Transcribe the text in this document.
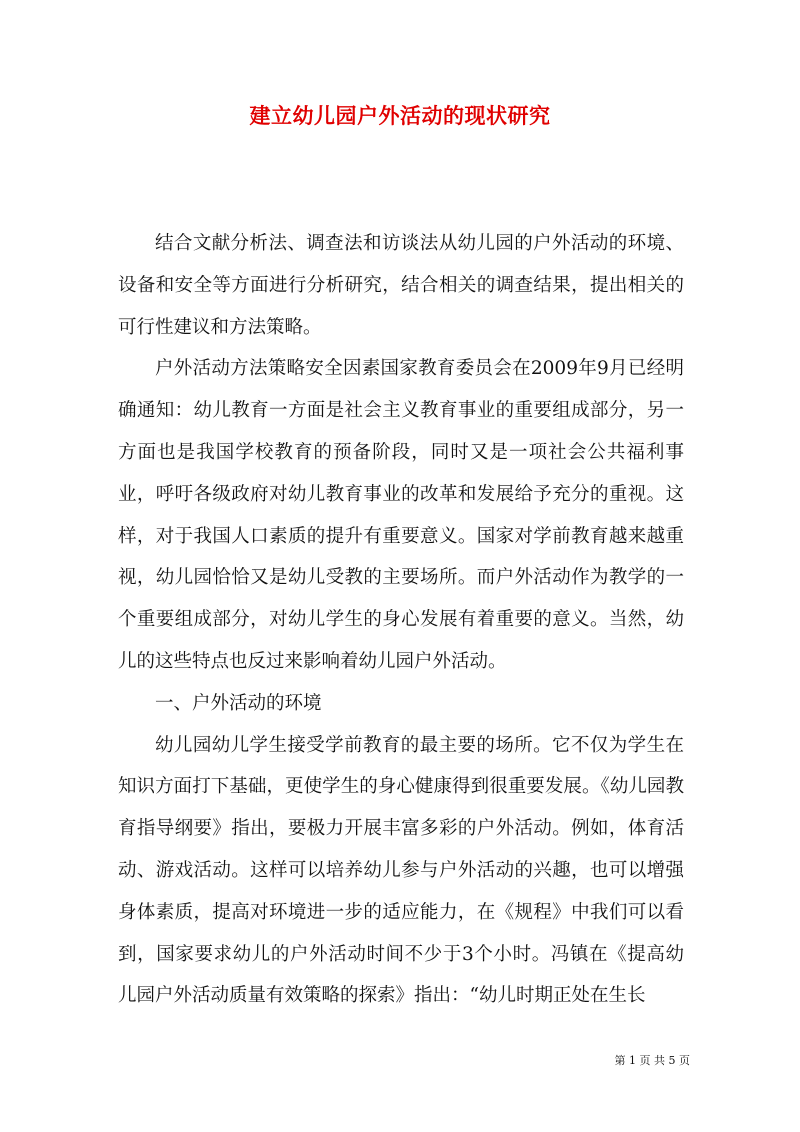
建立幼儿园户外活动的现状研究

结合文献分析法、调查法和访谈法从幼儿园的户外活动的环境、设备和安全等方面进行分析研究，结合相关的调查结果，提出相关的可行性建议和方法策略。

户外活动方法策略安全因素国家教育委员会在2009年9月已经明确通知：幼儿教育一方面是社会主义教育事业的重要组成部分，另一方面也是我国学校教育的预备阶段，同时又是一项社会公共福利事业，呼吁各级政府对幼儿教育事业的改革和发展给予充分的重视。这样，对于我国人口素质的提升有重要意义。国家对学前教育越来越重视，幼儿园恰恰又是幼儿受教的主要场所。而户外活动作为教学的一个重要组成部分，对幼儿学生的身心发展有着重要的意义。当然，幼儿的这些特点也反过来影响着幼儿园户外活动。

一、户外活动的环境

幼儿园幼儿学生接受学前教育的最主要的场所。它不仅为学生在知识方面打下基础，更使学生的身心健康得到很重要发展。《幼儿园教育指导纲要》指出，要极力开展丰富多彩的户外活动。例如，体育活动、游戏活动。这样可以培养幼儿参与户外活动的兴趣，也可以增强身体素质，提高对环境进一步的适应能力，在《规程》中我们可以看到，国家要求幼儿的户外活动时间不少于3个小时。冯镇在《提高幼儿园户外活动质量有效策略的探索》指出：“幼儿时期正处在生长

第 1 页 共 5 页
